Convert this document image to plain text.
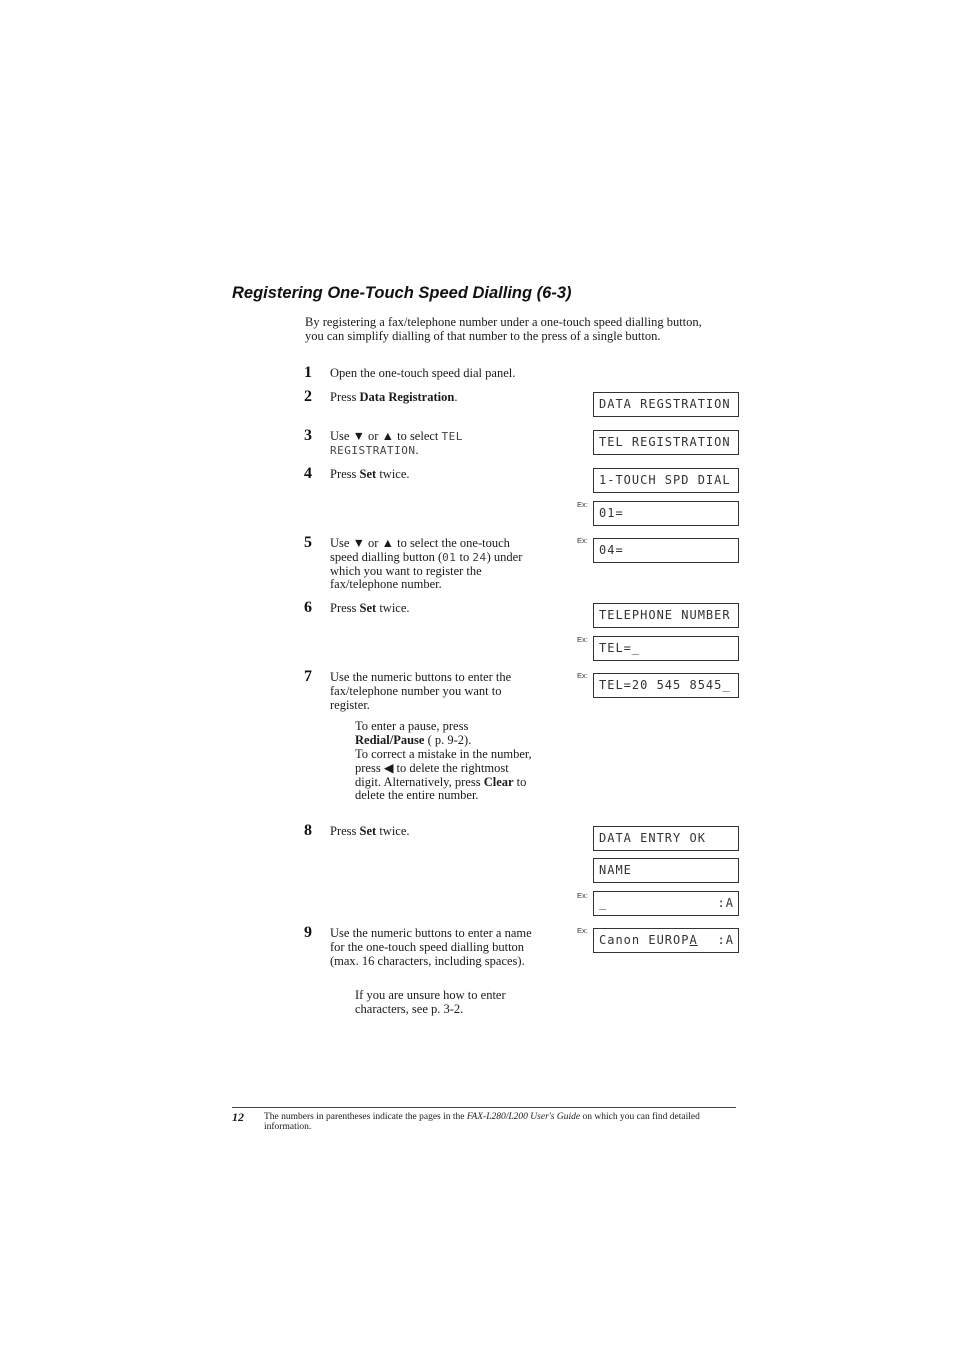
Registering One-Touch Speed Dialling (6-3)
By registering a fax/telephone number under a one-touch speed dialling button, you can simplify dialling of that number to the press of a single button.
1 Open the one-touch speed dial panel.
2 Press Data Registration.
3 Use ▼ or ▲ to select TEL REGISTRATION.
4 Press Set twice.
5 Use ▼ or ▲ to select the one-touch speed dialling button (01 to 24) under which you want to register the fax/telephone number.
6 Press Set twice.
7 Use the numeric buttons to enter the fax/telephone number you want to register.
To enter a pause, press Redial/Pause ( p. 9-2).
To correct a mistake in the number, press ◀ to delete the rightmost digit. Alternatively, press Clear to delete the entire number.
8 Press Set twice.
9 Use the numeric buttons to enter a name for the one-touch speed dialling button (max. 16 characters, including spaces).
If you are unsure how to enter characters, see p. 3-2.
DATA REGSTRATION
TEL REGISTRATION
1-TOUCH SPD DIAL
Ex:
01=
Ex:
04=
TELEPHONE NUMBER
Ex:
TEL=_
Ex:
TEL=20 545 8545_
DATA ENTRY OK
NAME
Ex:
_	:A
Ex:
Canon EUROPA :A
12 The numbers in parentheses indicate the pages in the FAX-L280/L200 User's Guide on which you can find detailed information.
